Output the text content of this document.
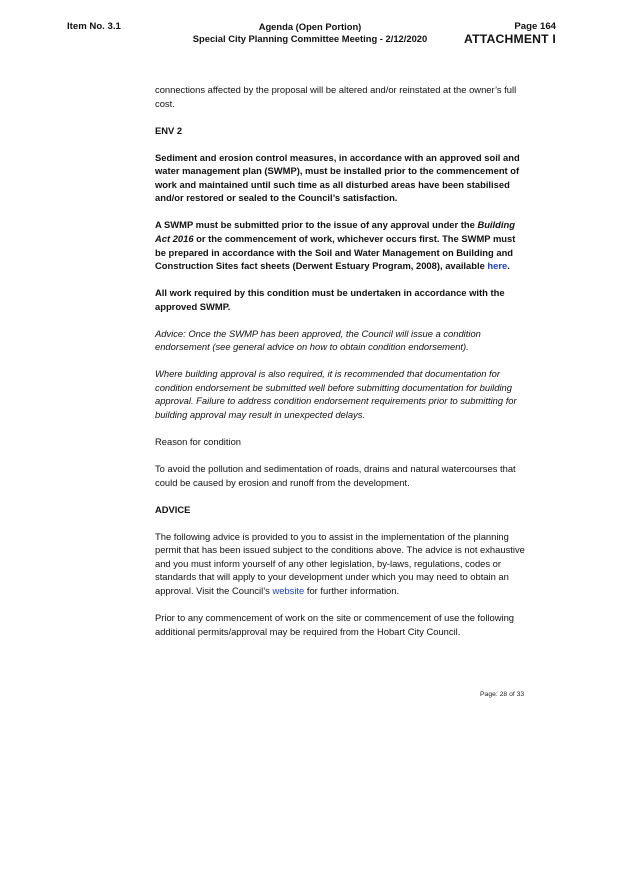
Item No. 3.1	Agenda (Open Portion)
Special City Planning Committee Meeting - 2/12/2020
Page 164
ATTACHMENT I

connections affected by the proposal will be altered and/or reinstated at the owner’s full cost.

ENV 2

Sediment and erosion control measures, in accordance with an approved soil and water management plan (SWMP), must be installed prior to the commencement of work and maintained until such time as all disturbed areas have been stabilised and/or restored or sealed to the Council’s satisfaction.

A SWMP must be submitted prior to the issue of any approval under the Building Act 2016 or the commencement of work, whichever occurs first. The SWMP must be prepared in accordance with the Soil and Water Management on Building and Construction Sites fact sheets (Derwent Estuary Program, 2008), available here.

All work required by this condition must be undertaken in accordance with the approved SWMP.

Advice: Once the SWMP has been approved, the Council will issue a condition endorsement (see general advice on how to obtain condition endorsement).

Where building approval is also required, it is recommended that documentation for condition endorsement be submitted well before submitting documentation for building approval. Failure to address condition endorsement requirements prior to submitting for building approval may result in unexpected delays.

Reason for condition

To avoid the pollution and sedimentation of roads, drains and natural watercourses that could be caused by erosion and runoff from the development.

ADVICE

The following advice is provided to you to assist in the implementation of the planning permit that has been issued subject to the conditions above. The advice is not exhaustive and you must inform yourself of any other legislation, by-laws, regulations, codes or standards that will apply to your development under which you may need to obtain an approval. Visit the Council’s website for further information.

Prior to any commencement of work on the site or commencement of use the following additional permits/approval may be required from the Hobart City Council.

Page: 28 of 33
